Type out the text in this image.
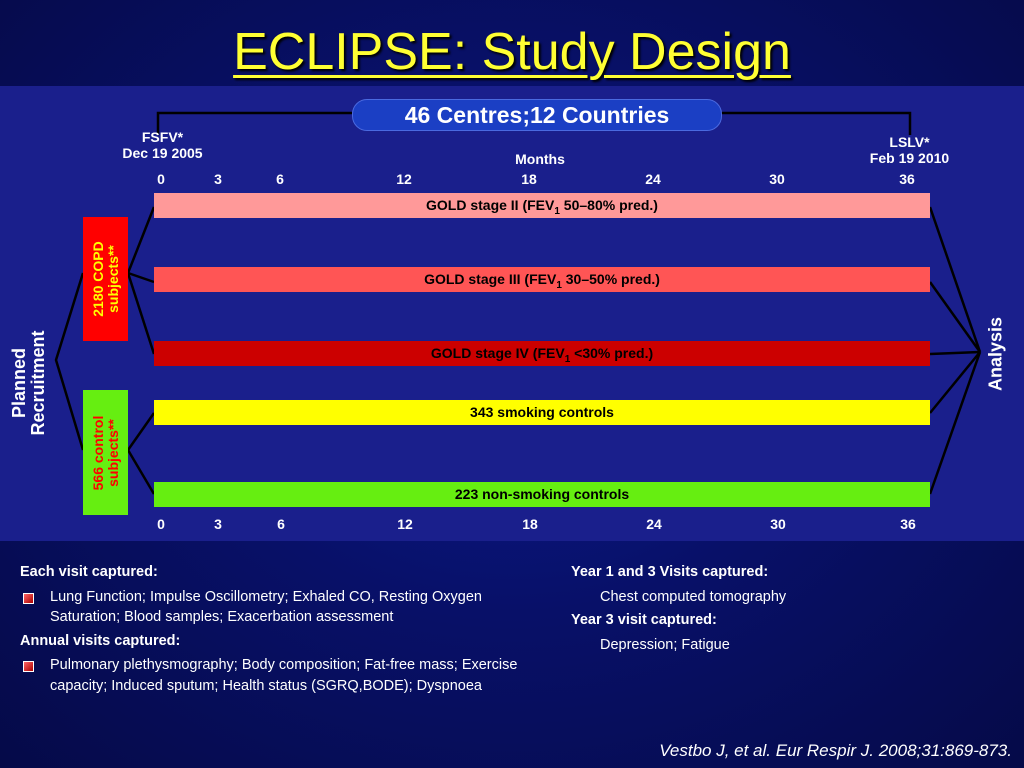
ECLIPSE: Study Design
46 Centres;12 Countries
FSFV*
Dec 19 2005
LSLV*
Feb 19 2010
Months
0	3	6	12	18	24	30	36
GOLD stage II ($FEV_1$ 50–80% pred.)
GOLD stage III ($FEV_1$ 30–50% pred.)
GOLD stage IV ($FEV_1 <30\%$ pred.)
343 smoking controls
223 non-smoking controls
2180 COPD subjects**
566 control subjects**
Planned Recruitment	Analysis
0	3	6	12	18	24	30	36
Each visit captured:
Lung Function; Impulse Oscillometry; Exhaled CO, Resting Oxygen Saturation; Blood samples; Exacerbation assessment
Annual visits captured:
Pulmonary plethysmography; Body composition; Fat-free mass; Exercise capacity; Induced sputum; Health status (SGRQ,BODE); Dyspnoea
Year 1 and 3 Visits captured:
Chest computed tomography
Year 3 visit captured:
Depression; Fatigue
Vestbo J, et al. Eur Respir J. 2008;31:869-873.
